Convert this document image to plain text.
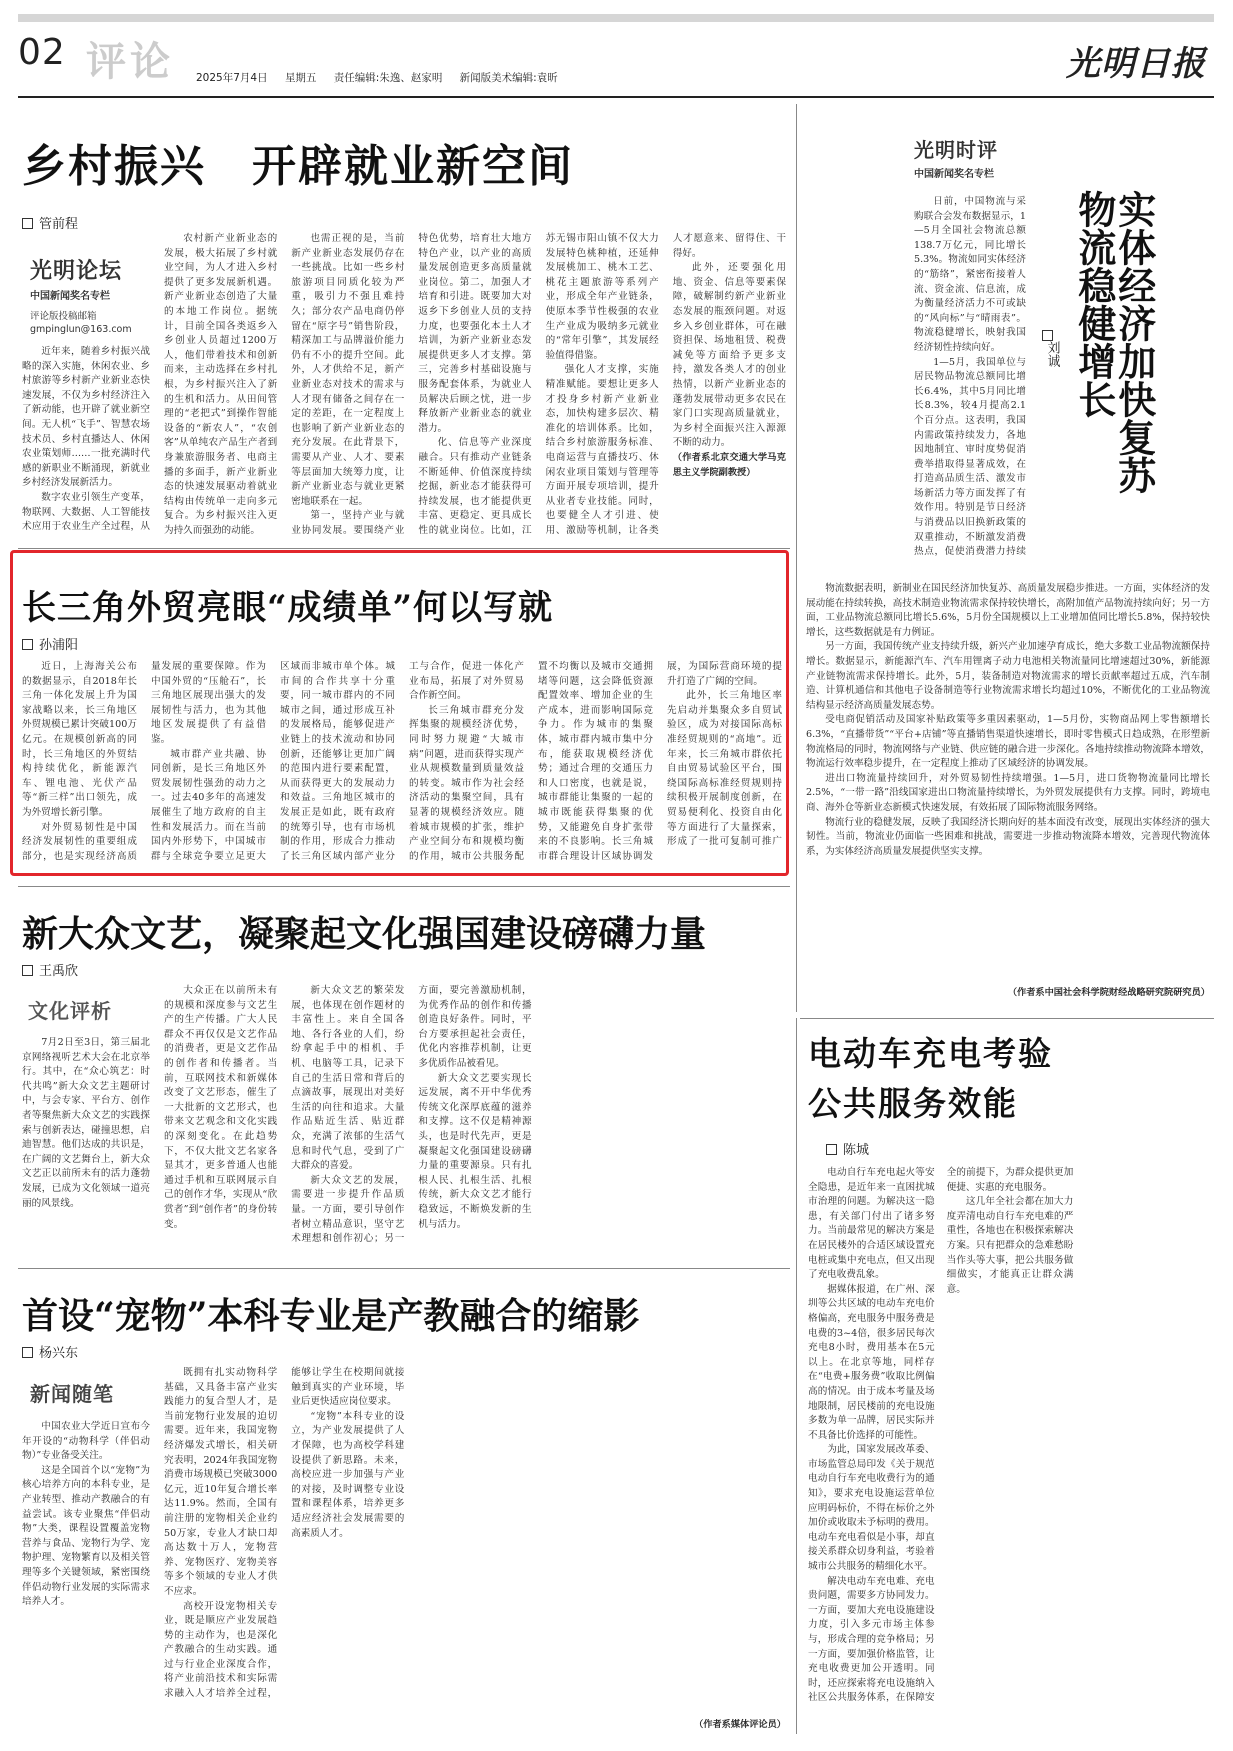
02 评论 2025年7月4日 星期五 责任编辑:朱逸、赵家明 新闻版美术编辑:袁昕	光明日报
乡村振兴　开辟就业新空间
管前程
光明论坛
中国新闻奖名专栏
评论版投稿邮箱
gmpinglun@163.com

近年来，随着乡村振兴战略的深入实施，休闲农业、乡村旅游等乡村新产业新业态快速发展，不仅为乡村经济注入了新动能，也开辟了就业新空间。无人机“飞手”、智慧农场技术员、乡村直播达人、休闲农业策划师……一批充满时代感的新职业不断涌现，新就业乡村经济发展新活力。

数字农业引领生产变革，物联网、大数据、人工智能技术应用于农业生产全过程，从

农村新产业新业态的发展，极大拓展了乡村就业空间，为人才进入乡村提供了更多发展新机遇。新产业新业态创造了大量的本地工作岗位。据统计，目前全国各类返乡入乡创业人员超过1200万人，他们带着技术和创新而来，主动选择在乡村扎根，为乡村振兴注入了新的生机和活力。从田间管理的“老把式”到操作智能设备的“新农人”，“农创客”从单纯农产品生产者到身兼旅游服务者、电商主播的多面手，新产业新业态的快速发展驱动着就业结构由传统单一走向多元复合。为乡村振兴注入更为持久而强劲的动能。

也需正视的是，当前新产业新业态发展仍存在一些挑战。比如一些乡村旅游项目同质化较为严重，吸引力不强且难持久；部分农产品电商仍停留在“原字号”销售阶段，精深加工与品牌溢价能力仍有不小的提升空间。此外，人才供给不足，新产业新业态对技术的需求与人才现有储备之间存在一定的差距，在一定程度上也影响了新产业新业态的充分发展。在此背景下，需要从产业、人才、要素等层面加大统筹力度，让新产业新业态与就业更紧密地联系在一起。

第一，坚持产业与就业协同发展。要围绕产业特色优势，培育壮大地方特色产业，以产业的高质量发展创造更多高质量就业岗位。第二，加强人才培育和引进。既要加大对返乡下乡创业人员的支持力度，也要强化本土人才培训，为新产业新业态发展提供更多人才支撑。第三，完善乡村基础设施与服务配套体系，为就业人员解决后顾之忧，进一步释放新产业新业态的就业潜力。

化、信息等产业深度融合。只有推动产业链条不断延伸、价值深度持续挖掘，新业态才能获得可持续发展，也才能提供更丰富、更稳定、更具成长性的就业岗位。比如，江苏无锡市阳山镇不仅大力发展特色桃种植，还延伸发展桃加工、桃木工艺、桃花主题旅游等系列产业，形成全年产业链条，使原本季节性极强的农业生产业成为吸纳多元就业的“常年引擎”，其发展经验值得借鉴。

强化人才支撑，实施精准赋能。要想让更多人才投身乡村新产业新业态，加快构建多层次、精准化的培训体系。比如，结合乡村旅游服务标准、电商运营与直播技巧、休闲农业项目策划与管理等方面开展专项培训，提升从业者专业技能。同时，也要健全人才引进、使用、激励等机制，让各类人才愿意来、留得住、干得好。

此外，还要强化用地、资金、信息等要素保障，破解制约新产业新业态发展的瓶颈问题。对返乡入乡创业群体，可在融资担保、场地租赁、税费减免等方面给予更多支持，激发各类人才的创业热情，以新产业新业态的蓬勃发展带动更多农民在家门口实现高质量就业，为乡村全面振兴注入源源不断的动力。

（作者系北京交通大学马克思主义学院副教授）

光明时评
中国新闻奖名专栏
实体经济加快复苏　物流稳健增长
刘诚

日前，中国物流与采购联合会发布数据显示，1—5月全国社会物流总额138.7万亿元，同比增长5.3%。物流如同实体经济的“筋络”，紧密衔接着人流、资金流、信息流，成为衡量经济活力不可或缺的“风向标”与“晴雨表”。物流稳健增长，映射我国经济韧性持续向好。

1—5月，我国单位与居民物品物流总额同比增长6.4%，其中5月同比增长8.3%，较4月提高2.1个百分点。这表明，我国内需政策持续发力，各地因地制宜、审时度势促消费举措取得显著成效，在打造高品质生活、激发市场新活力等方面发挥了有效作用。特别是节日经济与消费品以旧换新政策的双重推动，不断激发消费热点，促使消费潜力持续

物流数据表明，新制业在国民经济加快复苏、高质量发展稳步推进。一方面，实体经济的发展动能在持续转换，高技术制造业物流需求保持较快增长，高附加值产品物流持续向好；另一方面，工业品物流总额同比增长5.6%，5月份全国规模以上工业增加值同比增长5.8%，保持较快增长，这些数据就是有力例证。

另一方面，我国传统产业支持续升级，新兴产业加速孕育成长，绝大多数工业品物流额保持增长。数据显示，新能源汽车、汽车用锂离子动力电池相关物流量同比增速超过30%，新能源产业链物流需求保持增长。此外，5月，装备制造对物流需求的增长贡献率超过五成，汽车制造、计算机通信和其他电子设备制造等行业物流需求增长均超过10%，不断优化的工业品物流结构显示经济高质量发展态势。

受电商促销活动及国家补贴政策等多重因素驱动，1—5月份，实物商品网上零售额增长6.3%，“直播带货”“平台+店铺”等直播销售渠道快速增长，即时零售模式日趋成熟，在形塑新物流格局的同时，物流网络与产业链、供应链的融合进一步深化。各地持续推动物流降本增效，物流运行效率稳步提升，在一定程度上推动了区域经济的协调发展。

进出口物流量持续回升，对外贸易韧性持续增强。1—5月，进口货物物流量同比增长2.5%，“一带一路”沿线国家进出口物流量持续增长，为外贸发展提供有力支撑。同时，跨境电商、海外仓等新业态新模式快速发展，有效拓展了国际物流服务网络。

物流行业的稳健发展，反映了我国经济长期向好的基本面没有改变，展现出实体经济的强大韧性。当前，物流业仍面临一些困难和挑战，需要进一步推动物流降本增效，完善现代物流体系，为实体经济高质量发展提供坚实支撑。

（作者系中国社会科学院财经战略研究院研究员）

长三角外贸亮眼“成绩单”何以写就
孙浦阳

近日，上海海关公布的数据显示，自2018年长三角一体化发展上升为国家战略以来，长三角地区外贸规模已累计突破100万亿元。在规模创新高的同时，长三角地区的外贸结构持续优化，新能源汽车、锂电池、光伏产品等“新三样”出口领先，成为外贸增长新引擎。

对外贸易韧性是中国经济发展韧性的重要组成部分，也是实现经济高质量发展的重要保障。作为中国外贸的“压舱石”，长三角地区展现出强大的发展韧性与活力，也为其他地区发展提供了有益借鉴。

城市群产业共融、协同创新，是长三角地区外贸发展韧性强劲的动力之一。过去40多年的高速发展催生了地方政府的自主性和发展活力。而在当前国内外形势下，中国城市群与全球竞争要立足更大区域而非城市单个体。城市间的合作共享十分重要，同一城市群内的不同城市之间，通过形成互补的发展格局，能够促进产业链上的技术流动和协同创新，还能够让更加广阔的范围内进行要素配置，从而获得更大的发展动力和效益。三角地区城市的发展正是如此，既有政府的统筹引导，也有市场机制的作用，形成合力推动了长三角区域内部产业分工与合作，促进一体化产业布局，拓展了对外贸易合作新空间。

长三角城市群充分发挥集聚的规模经济优势，同时努力规避“大城市病”问题，进而获得实现产业从规模数量到质量效益的转变。城市作为社会经济活动的集聚空间，具有显著的规模经济效应。随着城市规模的扩张，维护产业空间分布和规模均衡的作用，城市公共服务配置不均衡以及城市交通拥堵等问题，这会降低资源配置效率、增加企业的生产成本，进而影响国际竞争力。作为城市的集聚体，城市群内城市集中分布，能获取规模经济优势；通过合理的交通压力和人口密度，也就是说，城市群能让集聚的一起的城市既能获得集聚的优势，又能避免自身扩张带来的不良影响。长三角城市群合理设计区域协调发展，为国际营商环境的提升打造了广阔的空间。

此外，长三角地区率先启动并集聚众多自贸试验区，成为对接国际高标准经贸规则的“高地”。近年来，长三角城市群依托自由贸易试验区平台，围绕国际高标准经贸规则持续积极开展制度创新，在贸易便利化、投资自由化等方面进行了大量探索，形成了一批可复制可推广

新大众文艺，凝聚起文化强国建设磅礴力量
王禹欣
文化评析

7月2日至3日，第三届北京网络视听艺术大会在北京举行。其中，在“众心筑艺：时代共鸣”新大众文艺主题研讨中，与会专家、平台方、创作者等聚焦新大众文艺的实践探索与创新表达，碰撞思想，启迪智慧。他们达成的共识是，在广阔的文艺舞台上，新大众文艺正以前所未有的活力蓬勃发展，已成为文化领域一道亮丽的风景线。

大众正在以前所未有的规模和深度参与文艺生产的生产传播。广大人民群众不再仅仅是文艺作品的消费者，更是文艺作品的创作者和传播者。当前，互联网技术和新媒体改变了文艺形态，催生了一大批新的文艺形式，也带来文艺观念和文化实践的深刻变化。在此趋势下，不仅大批文艺名家各显其才，更多普通人也能通过手机和互联网展示自己的创作才华，实现从“欣赏者”到“创作者”的身份转变。

新大众文艺的繁荣发展，也体现在创作题材的丰富性上。来自全国各地、各行各业的人们，纷纷拿起手中的相机、手机、电脑等工具，记录下自己的生活日常和背后的点滴故事，展现出对美好生活的向往和追求。大量作品贴近生活、贴近群众，充满了浓郁的生活气息和时代气息，受到了广大群众的喜爱。

新大众文艺的发展，需要进一步提升作品质量。一方面，要引导创作者树立精品意识，坚守艺术理想和创作初心；另一方面，要完善激励机制，为优秀作品的创作和传播创造良好条件。同时，平台方要承担起社会责任，优化内容推荐机制，让更多优质作品被看见。

新大众文艺要实现长远发展，离不开中华优秀传统文化深厚底蕴的滋养和支撑。这不仅是精神源头，也是时代先声，更是凝聚起文化强国建设磅礴力量的重要源泉。只有扎根人民、扎根生活、扎根传统，新大众文艺才能行稳致远，不断焕发新的生机与活力。

电动车充电考验
公共服务效能
陈城

电动自行车充电起火等安全隐患，是近年来一直困扰城市治理的问题。为解决这一隐患，有关部门付出了诸多努力。当前最常见的解决方案是在居民楼外的合适区域设置充电桩或集中充电点，但又出现了充电收费乱象。

据媒体报道，在广州、深圳等公共区域的电动车充电价格偏高，充电服务中服务费是电费的3~4倍，很多居民每次充电8小时，费用基本在5元以上。在北京等地，同样存在“电费+服务费”收取比例偏高的情况。由于成本考量及场地限制，居民楼前的充电设施多数为单一品牌，居民实际并不具备比价选择的可能性。

为此，国家发展改革委、市场监管总局印发《关于规范电动自行车充电收费行为的通知》，要求充电设施运营单位应明码标价，不得在标价之外加价或收取未予标明的费用。电动车充电看似是小事，却直接关系群众切身利益，考验着城市公共服务的精细化水平。

解决电动车充电难、充电贵问题，需要多方协同发力。一方面，要加大充电设施建设力度，引入多元市场主体参与，形成合理的竞争格局；另一方面，要加强价格监管，让充电收费更加公开透明。同时，还应探索将充电设施纳入社区公共服务体系，在保障安全的前提下，为群众提供更加便捷、实惠的充电服务。

这几年全社会都在加大力度弄清电动自行车充电难的严重性，各地也在积极探索解决方案。只有把群众的急难愁盼当作头等大事，把公共服务做细做实，才能真正让群众满意。

首设“宠物”本科专业是产教融合的缩影
杨兴东
新闻随笔

中国农业大学近日宣布今年开设的“动物科学（伴侣动物）”专业备受关注。

这是全国首个以“宠物”为核心培养方向的本科专业，是产业转型、推动产教融合的有益尝试。该专业聚焦“伴侣动物”大类，课程设置覆盖宠物营养与食品、宠物行为学、宠物护理、宠物繁育以及相关管理等多个关键领域，紧密围绕伴侣动物行业发展的实际需求培养人才。

既拥有扎实动物科学基础，又具备丰富产业实践能力的复合型人才，是当前宠物行业发展的迫切需要。近年来，我国宠物经济爆发式增长，相关研究表明，2024年我国宠物消费市场规模已突破3000亿元，近10年复合增长率达11.9%。然而，全国有前注册的宠物相关企业约50万家，专业人才缺口却高达数十万人，宠物营养、宠物医疗、宠物美容等多个领域的专业人才供不应求。

高校开设宠物相关专业，既是顺应产业发展趋势的主动作为，也是深化产教融合的生动实践。通过与行业企业深度合作，将产业前沿技术和实际需求融入人才培养全过程，能够让学生在校期间就接触到真实的产业环境，毕业后更快适应岗位要求。

“宠物”本科专业的设立，为产业发展提供了人才保障，也为高校学科建设提供了新思路。未来，高校应进一步加强与产业的对接，及时调整专业设置和课程体系，培养更多适应经济社会发展需要的高素质人才。

（作者系媒体评论员）
